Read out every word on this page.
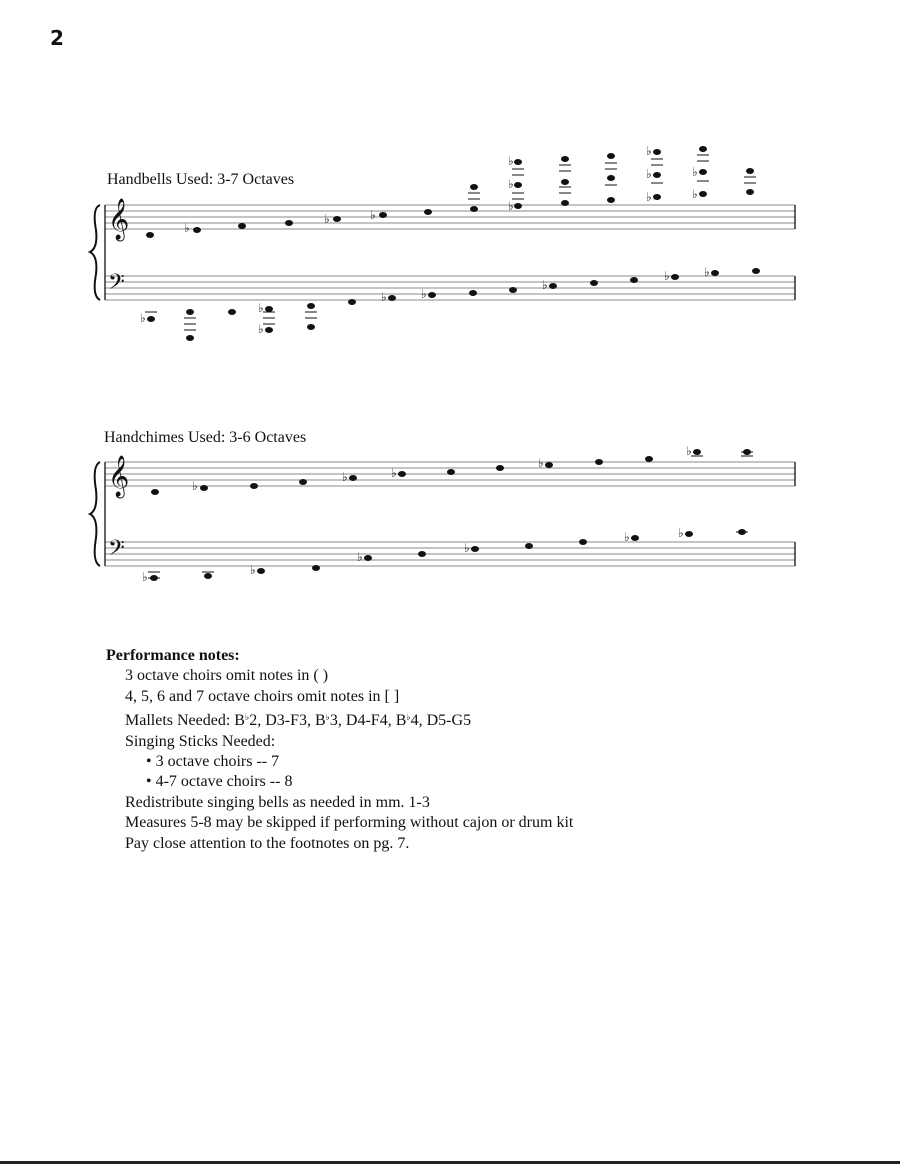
2
Handbells Used: 3-7 Octaves
𝄞
𝄢
♭
♭	♭
♭
♭
♭
♭
♭
♭
♭
♭
♭
♭
♭
♭	♭
♭
♭	♭
Handchimes Used: 3-6 Octaves
𝄞
𝄢
♭
♭	♭
♭
♭
♭	♭
♭
♭
♭	♭
Performance notes:
3 octave choirs omit notes in ( )
4, 5, 6 and 7 octave choirs omit notes in [ ]
Mallets Needed: B♭2, D3-F3, B♭3, D4-F4, B♭4, D5-G5
Singing Sticks Needed:
• 3 octave choirs -- 7
• 4-7 octave choirs -- 8
Redistribute singing bells as needed in mm. 1-3
Measures 5-8 may be skipped if performing without cajon or drum kit
Pay close attention to the footnotes on pg. 7.
